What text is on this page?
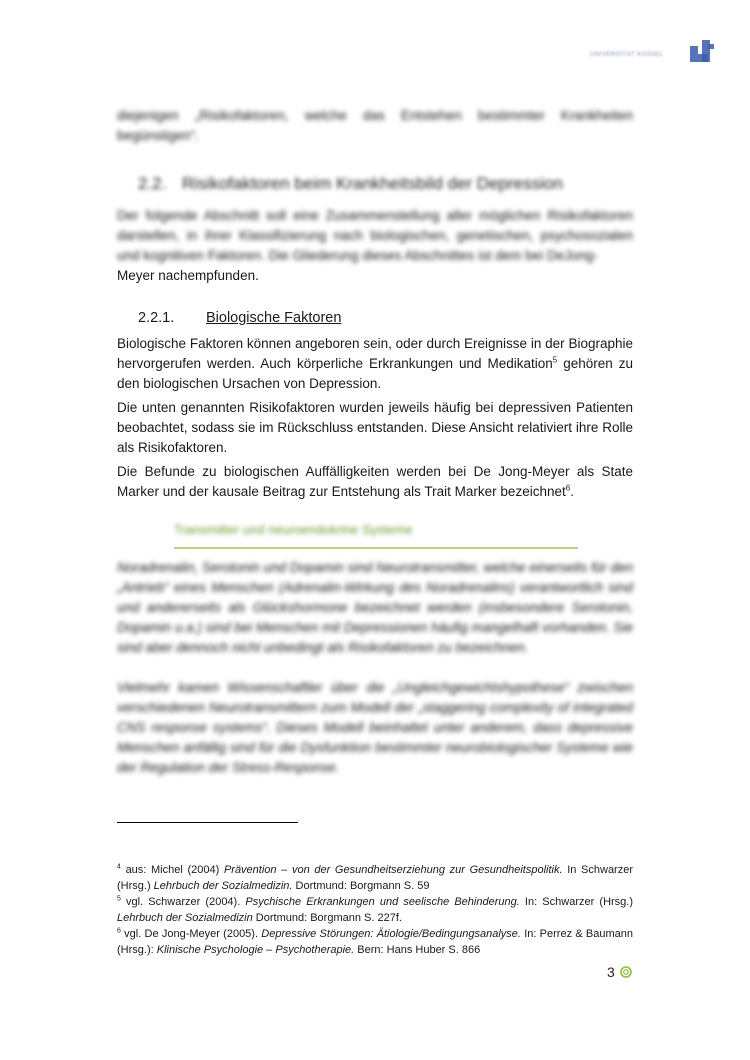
UNIVERSITÄT KASSEL

diejenigen „Risikofaktoren, welche das Entstehen bestimmter Krankheiten

begünstigen“.

2.2. Risikofaktoren beim Krankheitsbild der Depression

Der folgende Abschnitt soll eine Zusammenstellung aller möglichen Risikofaktoren darstellen, in ihrer Klassifizierung nach biologischen, genetischen, psychosozialen und kognitiven Faktoren. Die Gliederung dieses Abschnittes ist dem bei DeJong-

Meyer nachempfunden.

2.2.1. Biologische Faktoren

Biologische Faktoren können angeboren sein, oder durch Ereignisse in der Biographie hervorgerufen werden. Auch körperliche Erkrankungen und Medikation$^5$ gehören zu den biologischen Ursachen von Depression.

Die unten genannten Risikofaktoren wurden jeweils häufig bei depressiven Patienten beobachtet, sodass sie im Rückschluss entstanden. Diese Ansicht relativiert ihre Rolle als Risikofaktoren.

Die Befunde zu biologischen Auffälligkeiten werden bei De Jong-Meyer als State Marker und der kausale Beitrag zur Entstehung als Trait Marker bezeichnet$^6$.

Transmitter und neuroendokrine Systeme
Noradrenalin, Serotonin und Dopamin sind Neurotransmitter, welche einerseits für den „Antrieb“ eines Menschen (Adrenalin-Wirkung des Noradrenalins) verantwortlich sind und andererseits als Glückshormone bezeichnet werden (insbesondere Serotonin, Dopamin u.a.) sind bei Menschen mit Depressionen häufig mangelhaft vorhanden. Sie sind aber dennoch nicht unbedingt als Risikofaktoren zu bezeichnen.
Vielmehr kamen Wissenschaftler über die „Ungleichgewichtshypothese“ zwischen verschiedenen Neurotransmittern zum Modell der „staggering complexity of integrated CNS response systems“. Dieses Modell beinhaltet unter anderem, dass depressive Menschen anfällig sind für die Dysfunktion bestimmter neurobiologischer Systeme wie der Regulation der Stress-Response.

$^4$ aus: Michel (2004) Prävention – von der Gesundheitserziehung zur Gesundheitspolitik. In Schwarzer (Hrsg.) Lehrbuch der Sozialmedizin. Dortmund: Borgmann S. 59

$^5$ vgl. Schwarzer (2004). Psychische Erkrankungen und seelische Behinderung. In: Schwarzer (Hrsg.) Lehrbuch der Sozialmedizin Dortmund: Borgmann S. 227f.

$^6$ vgl. De Jong-Meyer (2005). Depressive Störungen: Ätiologie/Bedingungsanalyse. In: Perrez & Baumann (Hrsg.): Klinische Psychologie – Psychotherapie. Bern: Hans Huber S. 866

3
